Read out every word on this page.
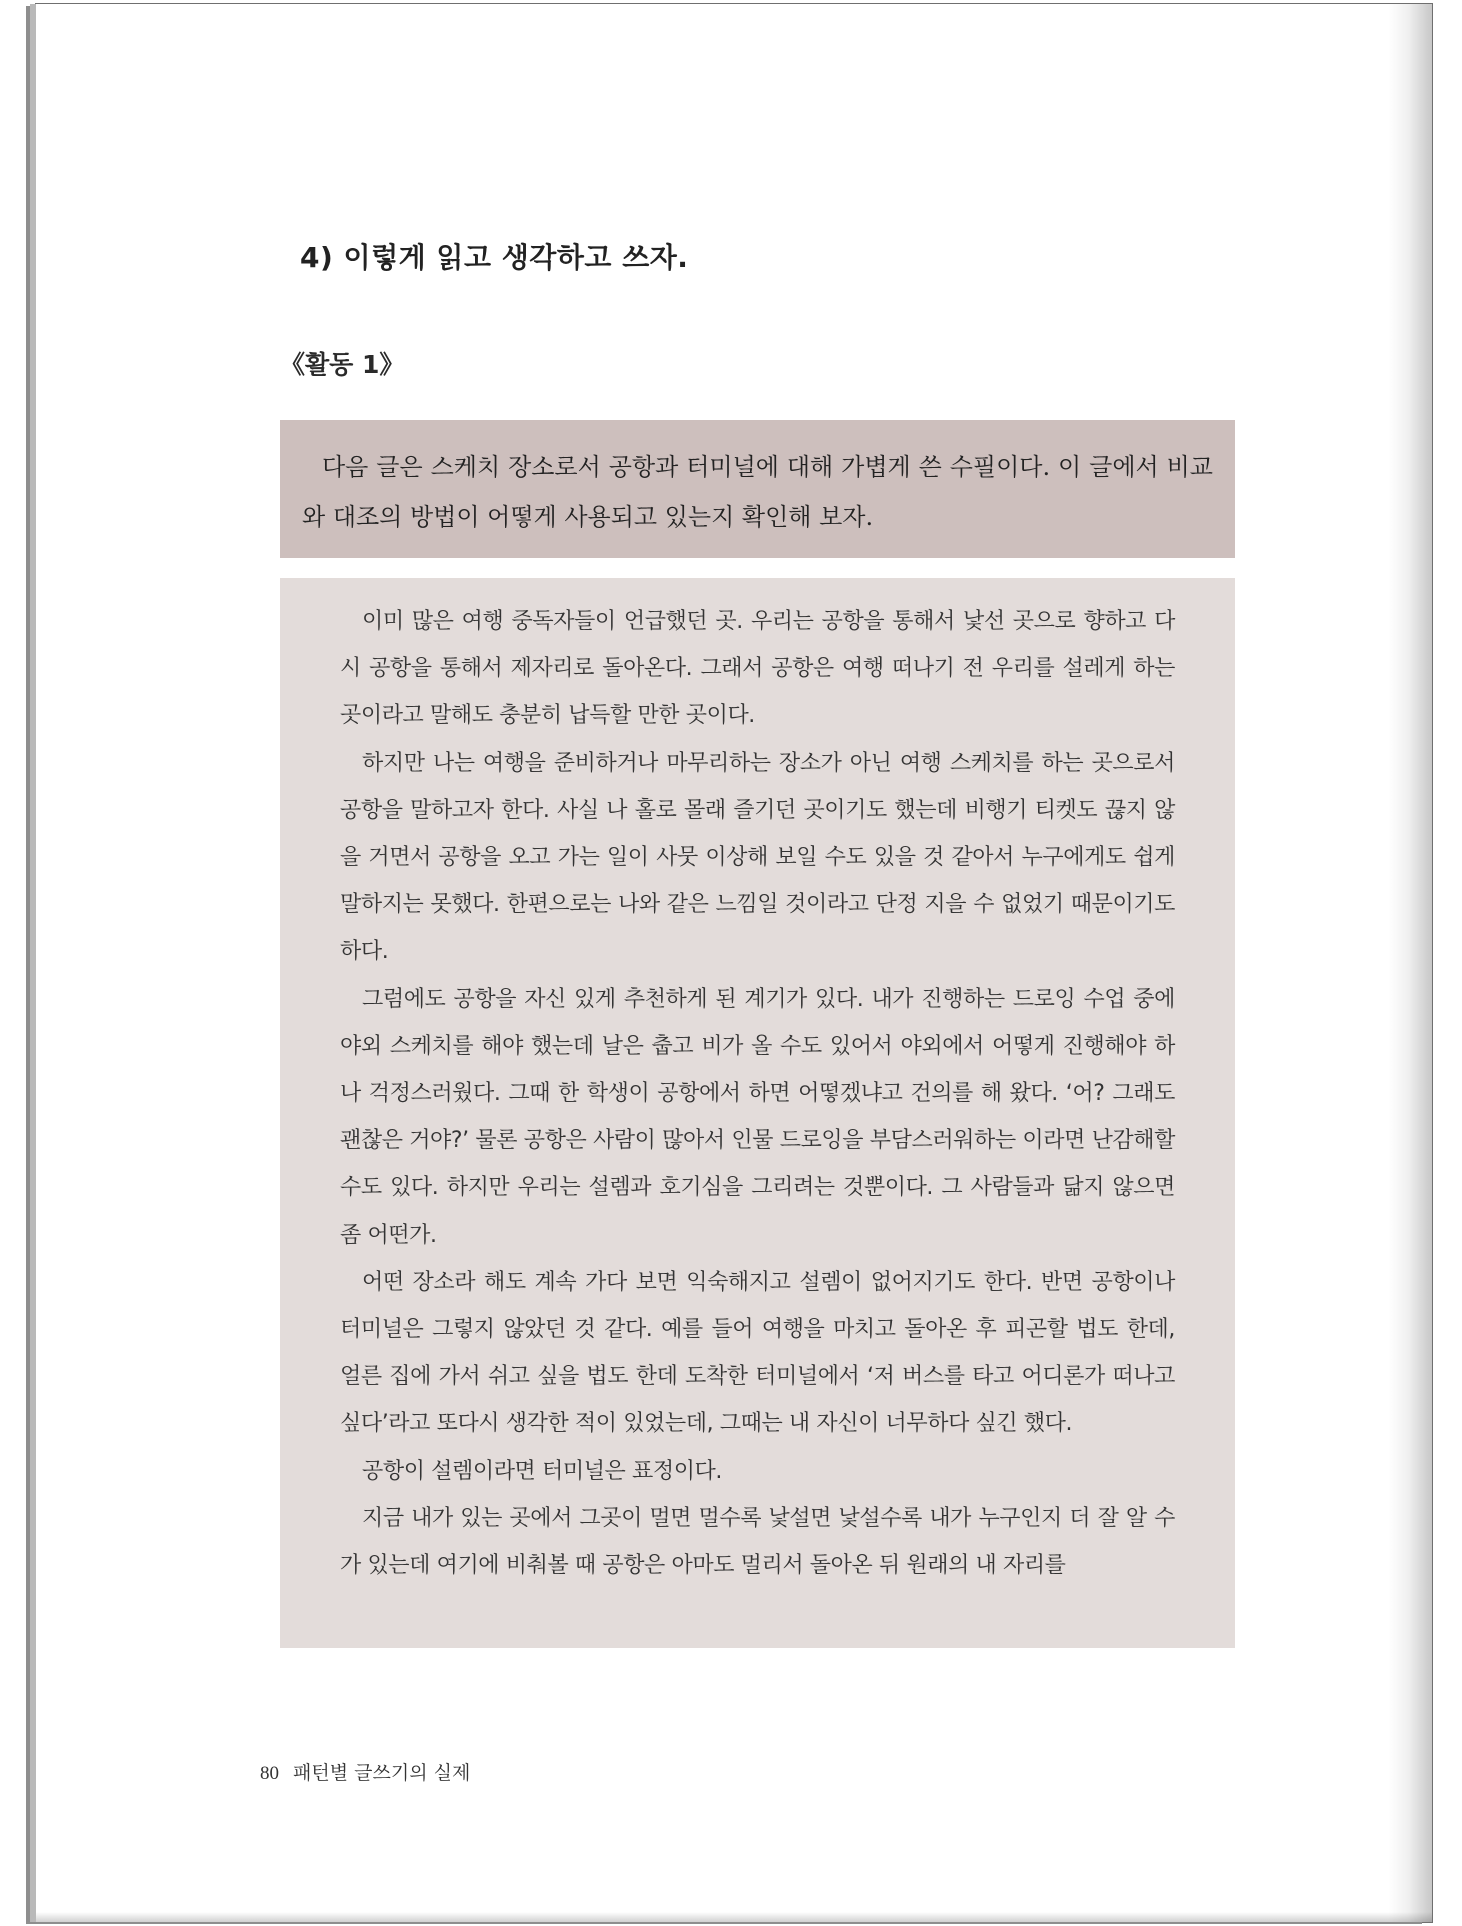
4) 이렇게 읽고 생각하고 쓰자.
《활동 1》

다음 글은 스케치 장소로서 공항과 터미널에 대해 가볍게 쓴 수필이다. 이 글에서 비교와 대조의 방법이 어떻게 사용되고 있는지 확인해 보자.

이미 많은 여행 중독자들이 언급했던 곳. 우리는 공항을 통해서 낯선 곳으로 향하고 다시 공항을 통해서 제자리로 돌아온다. 그래서 공항은 여행 떠나기 전 우리를 설레게 하는 곳이라고 말해도 충분히 납득할 만한 곳이다.

하지만 나는 여행을 준비하거나 마무리하는 장소가 아닌 여행 스케치를 하는 곳으로서 공항을 말하고자 한다. 사실 나 홀로 몰래 즐기던 곳이기도 했는데 비행기 티켓도 끊지 않을 거면서 공항을 오고 가는 일이 사뭇 이상해 보일 수도 있을 것 같아서 누구에게도 쉽게 말하지는 못했다. 한편으로는 나와 같은 느낌일 것이라고 단정 지을 수 없었기 때문이기도 하다.

그럼에도 공항을 자신 있게 추천하게 된 계기가 있다. 내가 진행하는 드로잉 수업 중에 야외 스케치를 해야 했는데 날은 춥고 비가 올 수도 있어서 야외에서 어떻게 진행해야 하나 걱정스러웠다. 그때 한 학생이 공항에서 하면 어떻겠냐고 건의를 해 왔다. ‘어? 그래도 괜찮은 거야?’ 물론 공항은 사람이 많아서 인물 드로잉을 부담스러워하는 이라면 난감해할 수도 있다. 하지만 우리는 설렘과 호기심을 그리려는 것뿐이다. 그 사람들과 닮지 않으면 좀 어떤가.

어떤 장소라 해도 계속 가다 보면 익숙해지고 설렘이 없어지기도 한다. 반면 공항이나 터미널은 그렇지 않았던 것 같다. 예를 들어 여행을 마치고 돌아온 후 피곤할 법도 한데, 얼른 집에 가서 쉬고 싶을 법도 한데 도착한 터미널에서 ‘저 버스를 타고 어디론가 떠나고 싶다’라고 또다시 생각한 적이 있었는데, 그때는 내 자신이 너무하다 싶긴 했다.

공항이 설렘이라면 터미널은 표정이다.

지금 내가 있는 곳에서 그곳이 멀면 멀수록 낯설면 낯설수록 내가 누구인지 더 잘 알 수가 있는데 여기에 비춰볼 때 공항은 아마도 멀리서 돌아온 뒤 원래의 내 자리를

80 패턴별 글쓰기의 실제
